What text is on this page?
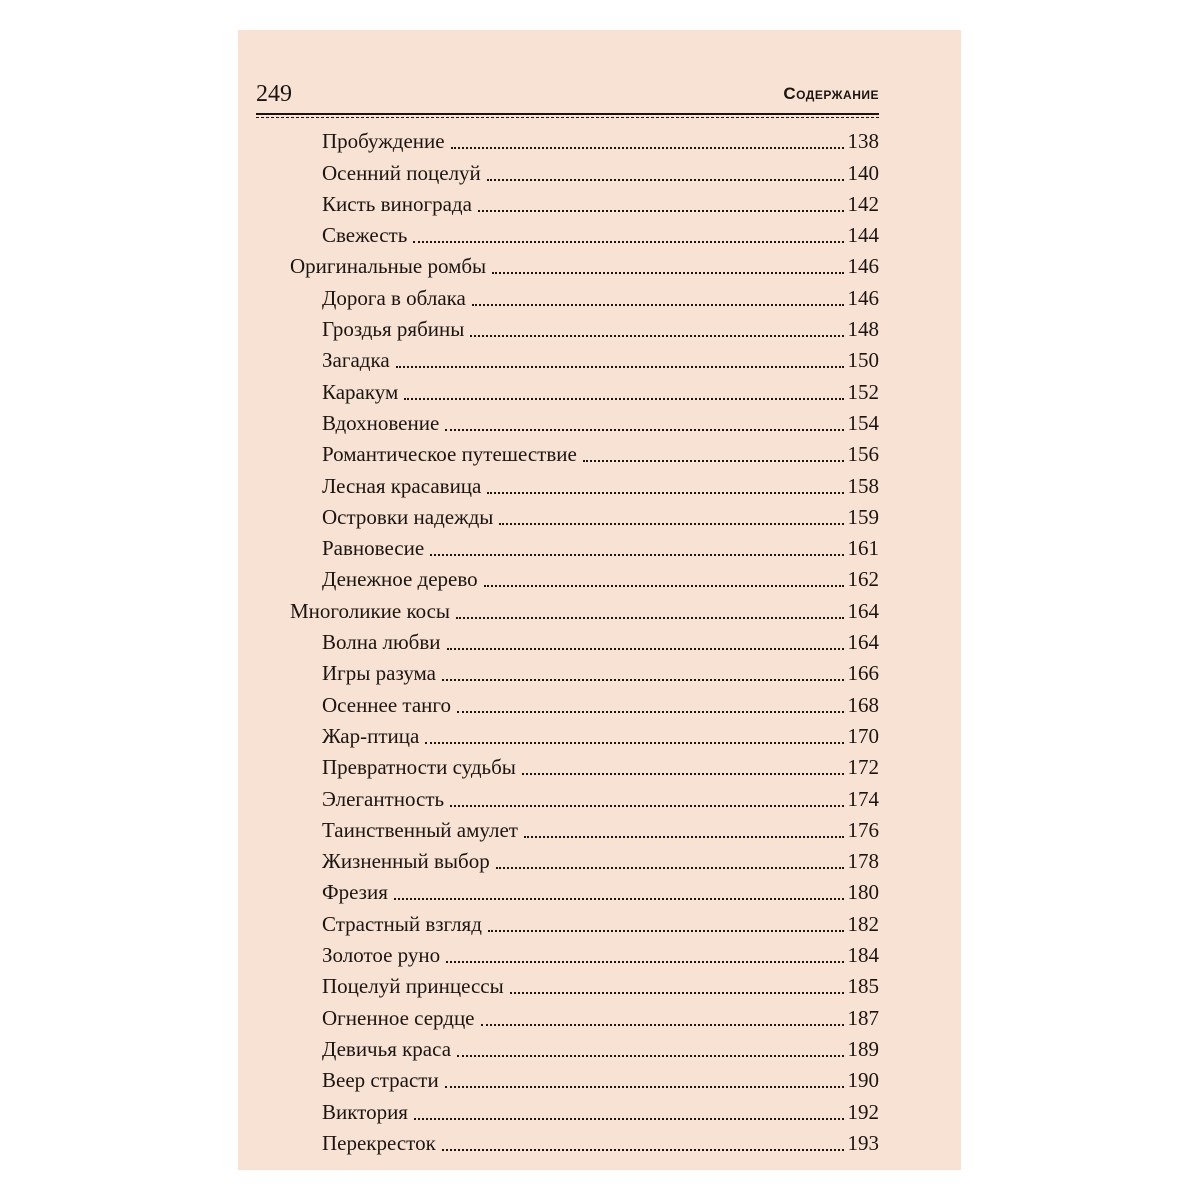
249	Содержание
Пробуждение	138
Осенний поцелуй	140
Кисть винограда	142
Свежесть	144
Оригинальные ромбы	146
Дорога в облака	146
Гроздья рябины	148
Загадка	150
Каракум	152
Вдохновение	154
Романтическое путешествие	156
Лесная красавица	158
Островки надежды	159
Равновесие	161
Денежное дерево	162
Многоликие косы	164
Волна любви	164
Игры разума	166
Осеннее танго	168
Жар-птица	170
Превратности судьбы	172
Элегантность	174
Таинственный амулет	176
Жизненный выбор	178
Фрезия	180
Страстный взгляд	182
Золотое руно	184
Поцелуй принцессы	185
Огненное сердце	187
Девичья краса	189
Веер страсти	190
Виктория	192
Перекресток	193
